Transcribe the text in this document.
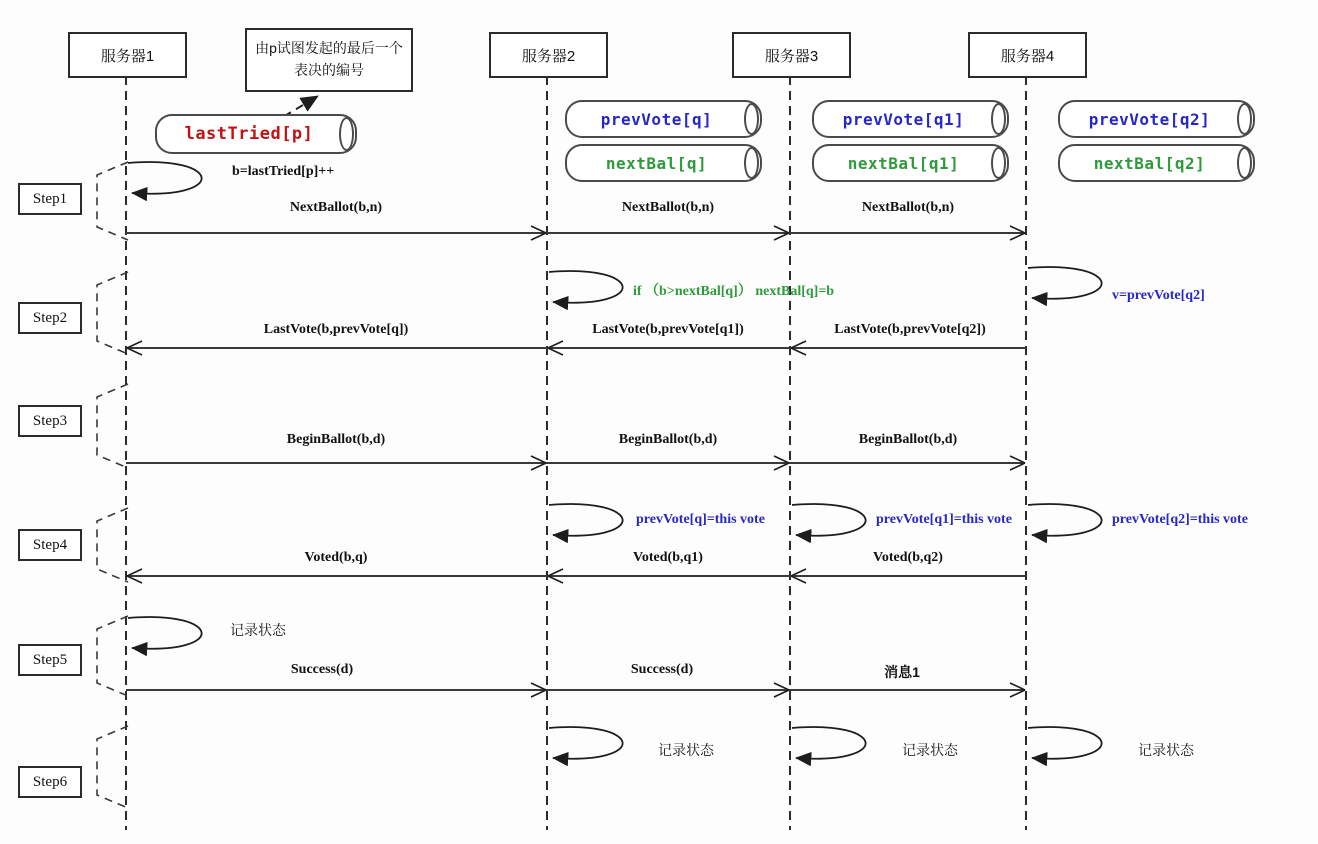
服务器1	服务器2	服务器3	服务器4
由p试图发起的最后一个表决的编号
lastTried[p]
prevVote[q]
nextBal[q]
prevVote[q1]
nextBal[q1]
prevVote[q2]
nextBal[q2]
Step1
Step2
Step3
Step4
Step5
Step6
NextBallot(b,n)	NextBallot(b,n)	NextBallot(b,n)
LastVote(b,prevVote[q])	LastVote(b,prevVote[q1])	LastVote(b,prevVote[q2])
BeginBallot(b,d)	BeginBallot(b,d)	BeginBallot(b,d)
Voted(b,q)	Voted(b,q1)	Voted(b,q2)
Success(d)	Success(d)	消息1
b=lastTried[p]++
if （b>nextBal[q]） nextBal[q]=b	v=prevVote[q2]
prevVote[q]=this vote	prevVote[q1]=this vote	prevVote[q2]=this vote
记录状态
记录状态	记录状态	记录状态
